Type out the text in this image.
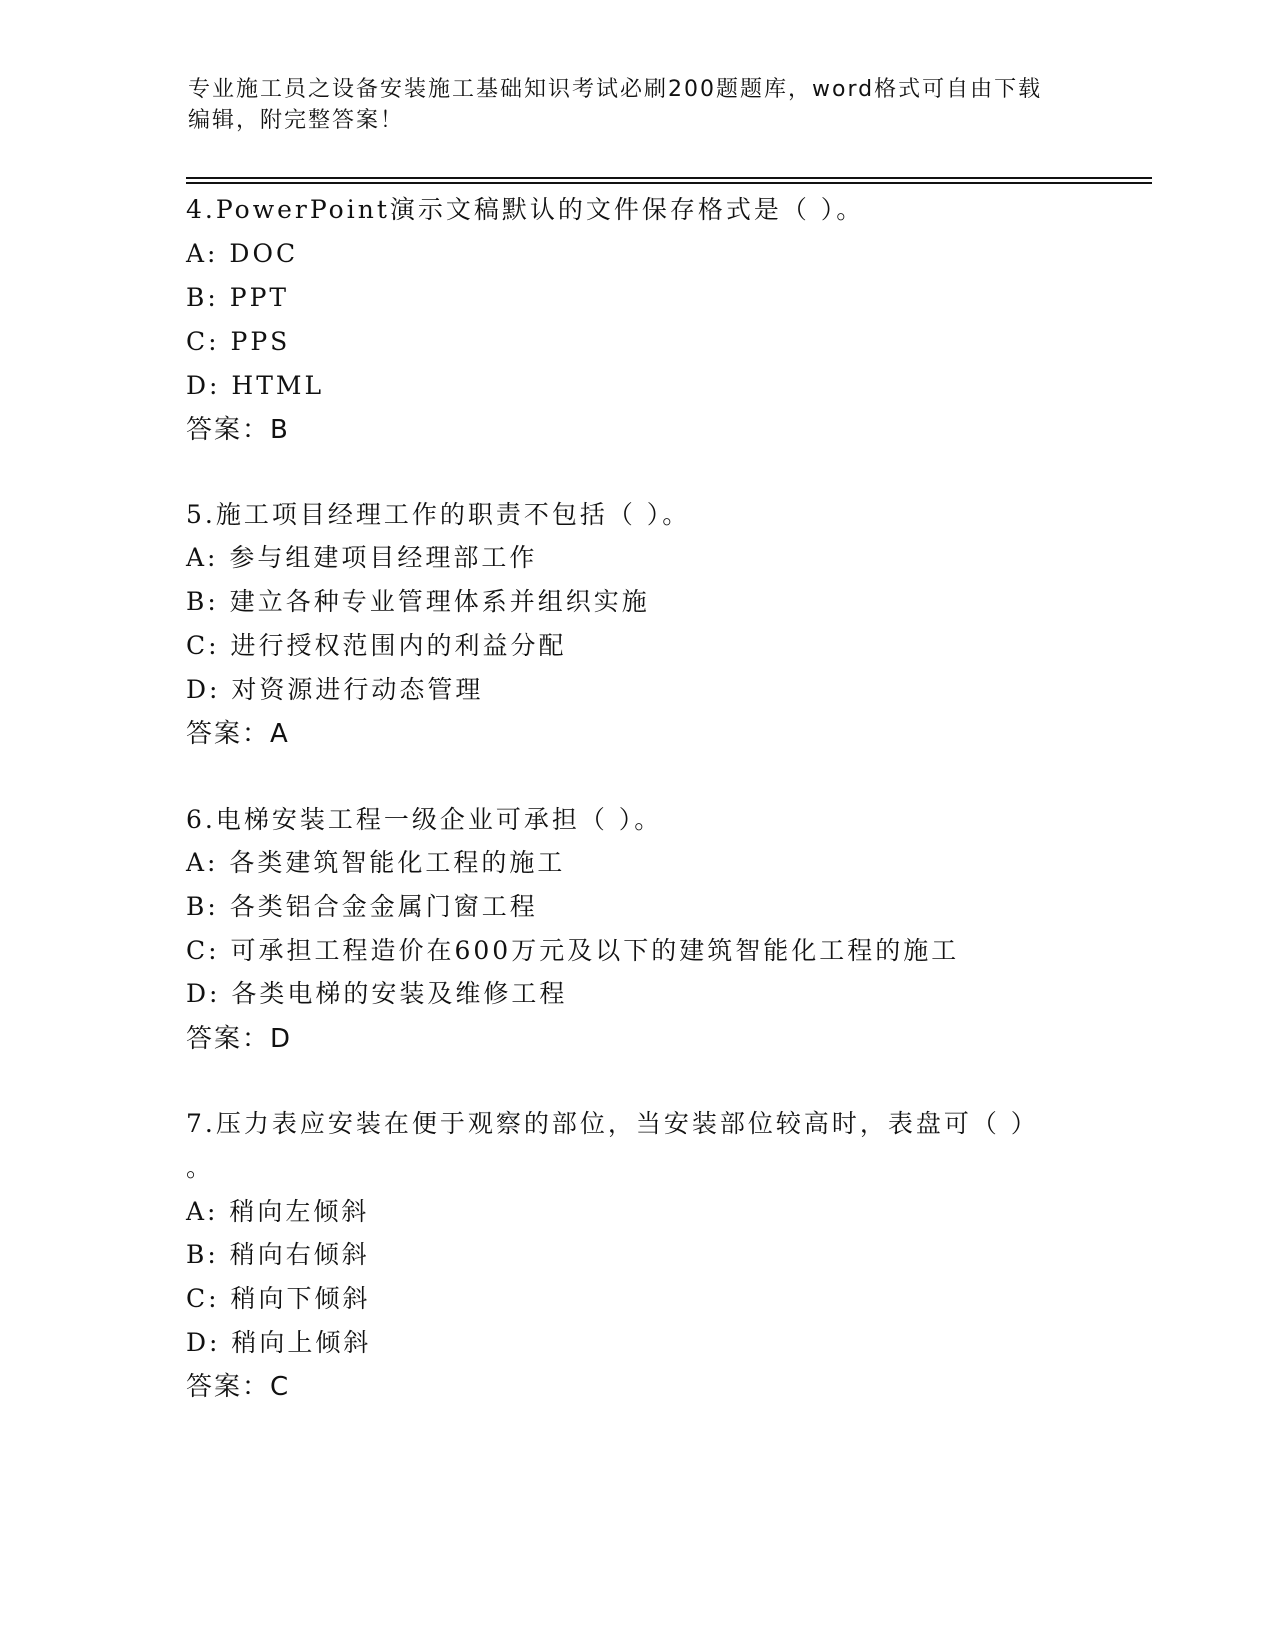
专业施工员之设备安装施工基础知识考试必刷200题题库，word格式可自由下载
编辑，附完整答案！
4.PowerPoint演示文稿默认的文件保存格式是（ ）。
A: DOC
B: PPT
C: PPS
D: HTML
答案：B
5.施工项目经理工作的职责不包括（ ）。
A: 参与组建项目经理部工作
B: 建立各种专业管理体系并组织实施
C: 进行授权范围内的利益分配
D: 对资源进行动态管理
答案：A
6.电梯安装工程一级企业可承担（ ）。
A: 各类建筑智能化工程的施工
B: 各类铝合金金属门窗工程
C: 可承担工程造价在600万元及以下的建筑智能化工程的施工
D: 各类电梯的安装及维修工程
答案：D
7.压力表应安装在便于观察的部位，当安装部位较高时，表盘可（ ）
。
A: 稍向左倾斜
B: 稍向右倾斜
C: 稍向下倾斜
D: 稍向上倾斜
答案：C
